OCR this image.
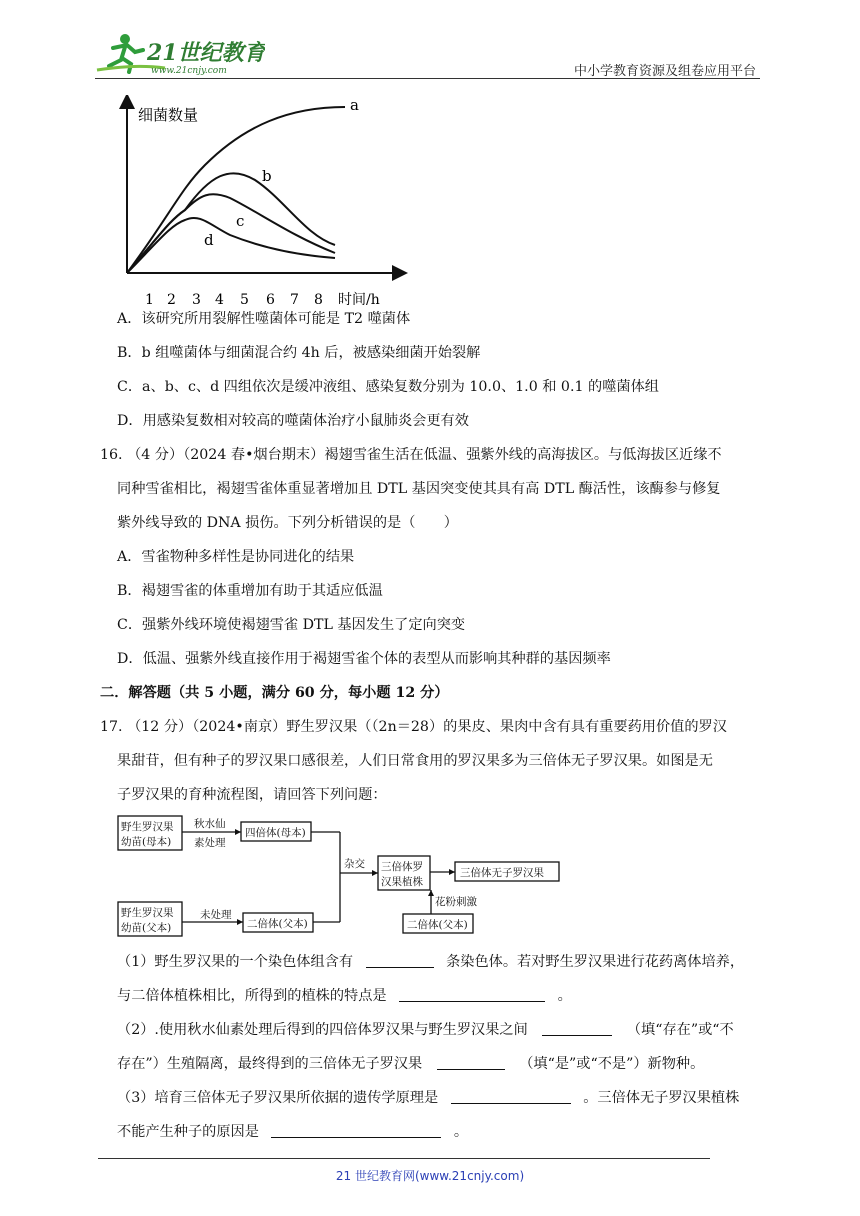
21世纪教育
www.21cnjy.com	中小学教育资源及组卷应用平台
细菌数量
时间/h
1 2 3 4 5 6 7 8
a
b
c
d
A．该研究所用裂解性噬菌体可能是 T2 噬菌体
B．b 组噬菌体与细菌混合约 4h 后，被感染细菌开始裂解
C．a、b、c、d 四组依次是缓冲液组、感染复数分别为 10.0、1.0 和 0.1 的噬菌体组
D．用感染复数相对较高的噬菌体治疗小鼠肺炎会更有效
16. （4 分）（2024 春•烟台期末）褐翅雪雀生活在低温、强紫外线的高海拔区。与低海拔区近缘不
同种雪雀相比，褐翅雪雀体重显著增加且 DTL 基因突变使其具有高 DTL 酶活性，该酶参与修复
紫外线导致的 DNA 损伤。下列分析错误的是（　　）
A．雪雀物种多样性是协同进化的结果
B．褐翅雪雀的体重增加有助于其适应低温
C．强紫外线环境使褐翅雪雀 DTL 基因发生了定向突变
D．低温、强紫外线直接作用于褐翅雪雀个体的表型从而影响其种群的基因频率
二．解答题（共 5 小题，满分 60 分，每小题 12 分）
17. （12 分）（2024•南京）野生罗汉果（（2n＝28）的果皮、果肉中含有具有重要药用价值的罗汉
果甜苷，但有种子的罗汉果口感很差，人们日常食用的罗汉果多为三倍体无子罗汉果。如图是无
子罗汉果的育种流程图，请回答下列问题：
野生罗汉果
幼苗(母本)
秋水仙
素处理
四倍体(母本)
杂交 三倍体罗
汉果植株
三倍体无子罗汉果
花粉刺激
野生罗汉果
幼苗(父本)
未处理
二倍体(父本)	二倍体(父本)
（1）野生罗汉果的一个染色体组含有	条染色体。若对野生罗汉果进行花药离体培养，
与二倍体植株相比，所得到的植株的特点是	。
（2）.使用秋水仙素处理后得到的四倍体罗汉果与野生罗汉果之间	（填“存在”或“不
存在”）生殖隔离，最终得到的三倍体无子罗汉果	（填“是”或“不是”）新物种。
（3）培育三倍体无子罗汉果所依据的遗传学原理是	。三倍体无子罗汉果植株
不能产生种子的原因是	。
21 世纪教育网(www.21cnjy.com)
